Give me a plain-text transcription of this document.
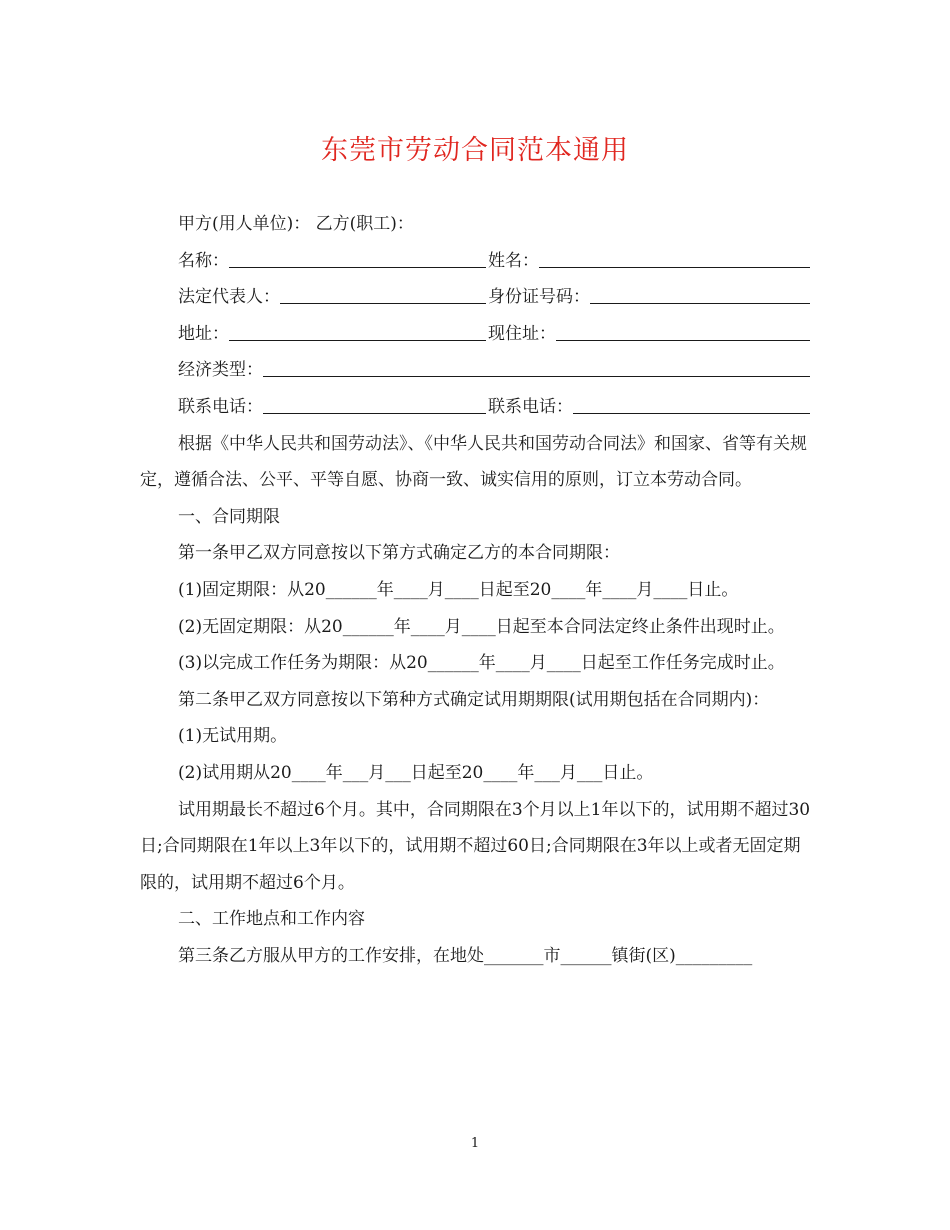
东莞市劳动合同范本通用

甲方(用人单位)： 乙方(职工)：

名称：	姓名：
法定代表人：	身份证号码：
地址：	现住址：
经济类型：
联系电话：	联系电话：

根据《中华人民共和国劳动法》、《中华人民共和国劳动合同法》和国家、省等有关规定，遵循合法、公平、平等自愿、协商一致、诚实信用的原则，订立本劳动合同。

一、合同期限

第一条甲乙双方同意按以下第方式确定乙方的本合同期限：

(1)固定期限：从20______年____月____日起至20____年____月____日止。

(2)无固定期限：从20______年____月____日起至本合同法定终止条件出现时止。

(3)以完成工作任务为期限：从20______年____月____日起至工作任务完成时止。

第二条甲乙双方同意按以下第种方式确定试用期期限(试用期包括在合同期内)：

(1)无试用期。

(2)试用期从20____年___月___日起至20____年___月___日止。

试用期最长不超过6个月。其中，合同期限在3个月以上1年以下的，试用期不超过30日;合同期限在1年以上3年以下的，试用期不超过60日;合同期限在3年以上或者无固定期限的，试用期不超过6个月。

二、工作地点和工作内容

第三条乙方服从甲方的工作安排，在地处_______市______镇街(区)_________

1
